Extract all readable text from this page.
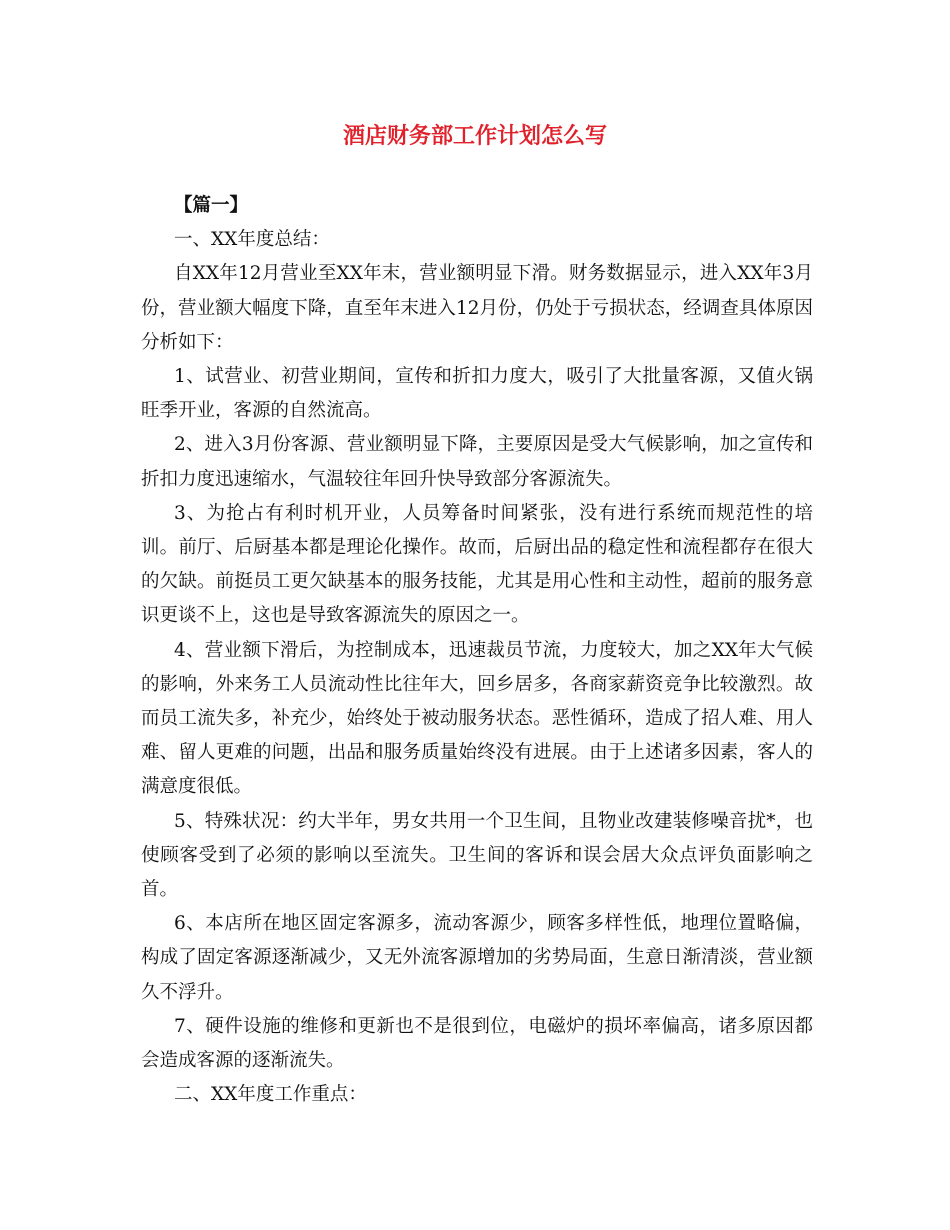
酒店财务部工作计划怎么写

【篇一】

一、XX年度总结：

自XX年12月营业至XX年末，营业额明显下滑。财务数据显示，进入XX年3月份，营业额大幅度下降，直至年末进入12月份，仍处于亏损状态，经调查具体原因分析如下：

1、试营业、初营业期间，宣传和折扣力度大，吸引了大批量客源，又值火锅旺季开业，客源的自然流高。

2、进入3月份客源、营业额明显下降，主要原因是受大气候影响，加之宣传和折扣力度迅速缩水，气温较往年回升快导致部分客源流失。

3、为抢占有利时机开业，人员筹备时间紧张，没有进行系统而规范性的培训。前厅、后厨基本都是理论化操作。故而，后厨出品的稳定性和流程都存在很大的欠缺。前挺员工更欠缺基本的服务技能，尤其是用心性和主动性，超前的服务意识更谈不上，这也是导致客源流失的原因之一。

4、营业额下滑后，为控制成本，迅速裁员节流，力度较大，加之XX年大气候的影响，外来务工人员流动性比往年大，回乡居多，各商家薪资竞争比较激烈。故而员工流失多，补充少，始终处于被动服务状态。恶性循环，造成了招人难、用人难、留人更难的问题，出品和服务质量始终没有进展。由于上述诸多因素，客人的满意度很低。

5、特殊状况：约大半年，男女共用一个卫生间，且物业改建装修噪音扰*，也使顾客受到了必须的影响以至流失。卫生间的客诉和误会居大众点评负面影响之首。

6、本店所在地区固定客源多，流动客源少，顾客多样性低，地理位置略偏，构成了固定客源逐渐减少，又无外流客源增加的劣势局面，生意日渐清淡，营业额久不浮升。

7、硬件设施的维修和更新也不是很到位，电磁炉的损坏率偏高，诸多原因都会造成客源的逐渐流失。

二、XX年度工作重点：
